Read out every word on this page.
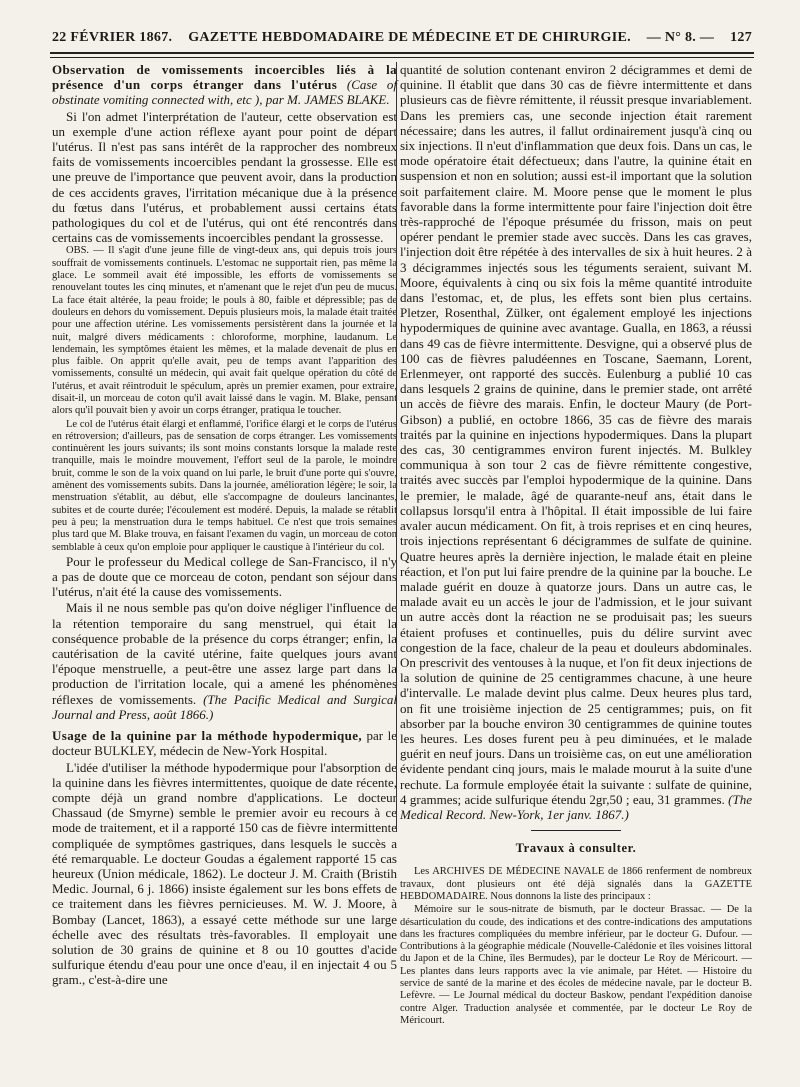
22 FÉVRIER 1867. GAZETTE HEBDOMADAIRE DE MÉDECINE ET DE CHIRURGIE. — N° 8. — 127

Observation de vomissements incoercibles liés à la présence d'un corps étranger dans l'utérus (Case of obstinate vomiting connected with, etc ), par M. JAMES BLAKE.

Si l'on admet l'interprétation de l'auteur, cette observation est un exemple d'une action réflexe ayant pour point de départ l'utérus. Il n'est pas sans intérêt de la rapprocher des nombreux faits de vomissements incoercibles pendant la grossesse. Elle est une preuve de l'importance que peuvent avoir, dans la production de ces accidents graves, l'irritation mécanique due à la présence du fœtus dans l'utérus, et probablement aussi certains états pathologiques du col et de l'utérus, qui ont été rencontrés dans certains cas de vomissements incoercibles pendant la grossesse.

OBS. — Il s'agit d'une jeune fille de vingt-deux ans, qui depuis trois jours souffrait de vomissements continuels. L'estomac ne supportait rien, pas même la glace. Le sommeil avait été impossible, les efforts de vomissements se renouvelant toutes les cinq minutes, et n'amenant que le rejet d'un peu de mucus. La face était altérée, la peau froide; le pouls à 80, faible et dépressible; pas de douleurs en dehors du vomissement. Depuis plusieurs mois, la malade était traitée pour une affection utérine. Les vomissements persistèrent dans la journée et la nuit, malgré divers médicaments : chloroforme, morphine, laudanum. Le lendemain, les symptômes étaient les mêmes, et la malade devenait de plus en plus faible. On apprit qu'elle avait, peu de temps avant l'apparition des vomissements, consulté un médecin, qui avait fait quelque opération du côté de l'utérus, et avait réintroduit le spéculum, après un premier examen, pour extraire, disait-il, un morceau de coton qu'il avait laissé dans le vagin. M. Blake, pensant alors qu'il pouvait bien y avoir un corps étranger, pratiqua le toucher.

Le col de l'utérus était élargi et enflammé, l'orifice élargi et le corps de l'utérus en rétroversion; d'ailleurs, pas de sensation de corps étranger. Les vomissements continuèrent les jours suivants; ils sont moins constants lorsque la malade reste tranquille, mais le moindre mouvement, l'effort seul de la parole, le moindre bruit, comme le son de la voix quand on lui parle, le bruit d'une porte qui s'ouvre, amènent des vomissements subits. Dans la journée, amélioration légère; le soir, la menstruation s'établit, au début, elle s'accompagne de douleurs lancinantes, subites et de courte durée; l'écoulement est modéré. Depuis, la malade se rétablit peu à peu; la menstruation dura le temps habituel. Ce n'est que trois semaines plus tard que M. Blake trouva, en faisant l'examen du vagin, un morceau de coton semblable à ceux qu'on emploie pour appliquer le caustique à l'intérieur du col.

Pour le professeur du Medical college de San-Francisco, il n'y a pas de doute que ce morceau de coton, pendant son séjour dans l'utérus, n'ait été la cause des vomissements.

Mais il ne nous semble pas qu'on doive négliger l'influence de la rétention temporaire du sang menstruel, qui était la conséquence probable de la présence du corps étranger; enfin, la cautérisation de la cavité utérine, faite quelques jours avant l'époque menstruelle, a peut-être une assez large part dans la production de l'irritation locale, qui a amené les phénomènes réflexes de vomissements. (The Pacific Medical and Surgical Journal and Press, août 1866.)

Usage de la quinine par la méthode hypodermique, par le docteur BULKLEY, médecin de New-York Hospital.

L'idée d'utiliser la méthode hypodermique pour l'absorption de la quinine dans les fièvres intermittentes, quoique de date récente, compte déjà un grand nombre d'applications. Le docteur Chassaud (de Smyrne) semble le premier avoir eu recours à ce mode de traitement, et il a rapporté 150 cas de fièvre intermittente compliquée de symptômes gastriques, dans lesquels le succès a été remarquable. Le docteur Goudas a également rapporté 15 cas heureux (Union médicale, 1862). Le docteur J. M. Craith (Bristih Medic. Journal, 6 j. 1866) insiste également sur les bons effets de ce traitement dans les fièvres pernicieuses. M. W. J. Moore, à Bombay (Lancet, 1863), a essayé cette méthode sur une large échelle avec des résultats très-favorables. Il employait une solution de 30 grains de quinine et 8 ou 10 gouttes d'acide sulfurique étendu d'eau pour une once d'eau, il en injectait 4 ou 5 gram., c'est-à-dire une

quantité de solution contenant environ 2 décigrammes et demi de quinine. Il établit que dans 30 cas de fièvre intermittente et dans plusieurs cas de fièvre rémittente, il réussit presque invariablement. Dans les premiers cas, une seconde injection était rarement nécessaire; dans les autres, il fallut ordinairement jusqu'à cinq ou six injections. Il n'eut d'inflammation que deux fois. Dans un cas, le mode opératoire était défectueux; dans l'autre, la quinine était en suspension et non en solution; aussi est-il important que la solution soit parfaitement claire. M. Moore pense que le moment le plus favorable dans la forme intermittente pour faire l'injection doit être très-rapproché de l'époque présumée du frisson, mais on peut opérer pendant le premier stade avec succès. Dans les cas graves, l'injection doit être répétée à des intervalles de six à huit heures. 2 à 3 décigrammes injectés sous les téguments seraient, suivant M. Moore, équivalents à cinq ou six fois la même quantité introduite dans l'estomac, et, de plus, les effets sont bien plus certains. Pletzer, Rosenthal, Zülker, ont également employé les injections hypodermiques de quinine avec avantage. Gualla, en 1863, a réussi dans 49 cas de fièvre intermittente. Desvigne, qui a observé plus de 100 cas de fièvres paludéennes en Toscane, Saemann, Lorent, Erlenmeyer, ont rapporté des succès. Eulenburg a publié 10 cas dans lesquels 2 grains de quinine, dans le premier stade, ont arrêté un accès de fièvre des marais. Enfin, le docteur Maury (de Port-Gibson) a publié, en octobre 1866, 35 cas de fièvre des marais traités par la quinine en injections hypodermiques. Dans la plupart des cas, 30 centigrammes environ furent injectés. M. Bulkley communiqua à son tour 2 cas de fièvre rémittente congestive, traités avec succès par l'emploi hypodermique de la quinine. Dans le premier, le malade, âgé de quarante-neuf ans, était dans le collapsus lorsqu'il entra à l'hôpital. Il était impossible de lui faire avaler aucun médicament. On fit, à trois reprises et en cinq heures, trois injections représentant 6 décigrammes de sulfate de quinine. Quatre heures après la dernière injection, le malade était en pleine réaction, et l'on put lui faire prendre de la quinine par la bouche. Le malade guérit en douze à quatorze jours. Dans un autre cas, le malade avait eu un accès le jour de l'admission, et le jour suivant un autre accès dont la réaction ne se produisait pas; les sueurs étaient profuses et continuelles, puis du délire survint avec congestion de la face, chaleur de la peau et douleurs abdominales. On prescrivit des ventouses à la nuque, et l'on fit deux injections de la solution de quinine de 25 centigrammes chacune, à une heure d'intervalle. Le malade devint plus calme. Deux heures plus tard, on fit une troisième injection de 25 centigrammes; puis, on fit absorber par la bouche environ 30 centigrammes de quinine toutes les heures. Les doses furent peu à peu diminuées, et le malade guérit en neuf jours. Dans un troisième cas, on eut une amélioration évidente pendant cinq jours, mais le malade mourut à la suite d'une rechute. La formule employée était la suivante : sulfate de quinine, 4 grammes; acide sulfurique étendu 2gr,50 ; eau, 31 grammes. (The Medical Record. New-York, 1er janv. 1867.)

Travaux à consulter.

Les ARCHIVES DE MÉDECINE NAVALE de 1866 renferment de nombreux travaux, dont plusieurs ont été déjà signalés dans la GAZETTE HEBDOMADAIRE. Nous donnons la liste des principaux :

Mémoire sur le sous-nitrate de bismuth, par le docteur Brassac. — De la désarticulation du coude, des indications et des contre-indications des amputations dans les fractures compliquées du membre inférieur, par le docteur G. Dufour. — Contributions à la géographie médicale (Nouvelle-Calédonie et îles voisines littoral du Japon et de la Chine, îles Bermudes), par le docteur Le Roy de Méricourt. — Les plantes dans leurs rapports avec la vie animale, par Hétet. — Histoire du service de santé de la marine et des écoles de médecine navale, par le docteur B. Lefèvre. — Le Journal médical du docteur Baskow, pendant l'expédition danoise contre Alger. Traduction analysée et commentée, par le docteur Le Roy de Méricourt.
